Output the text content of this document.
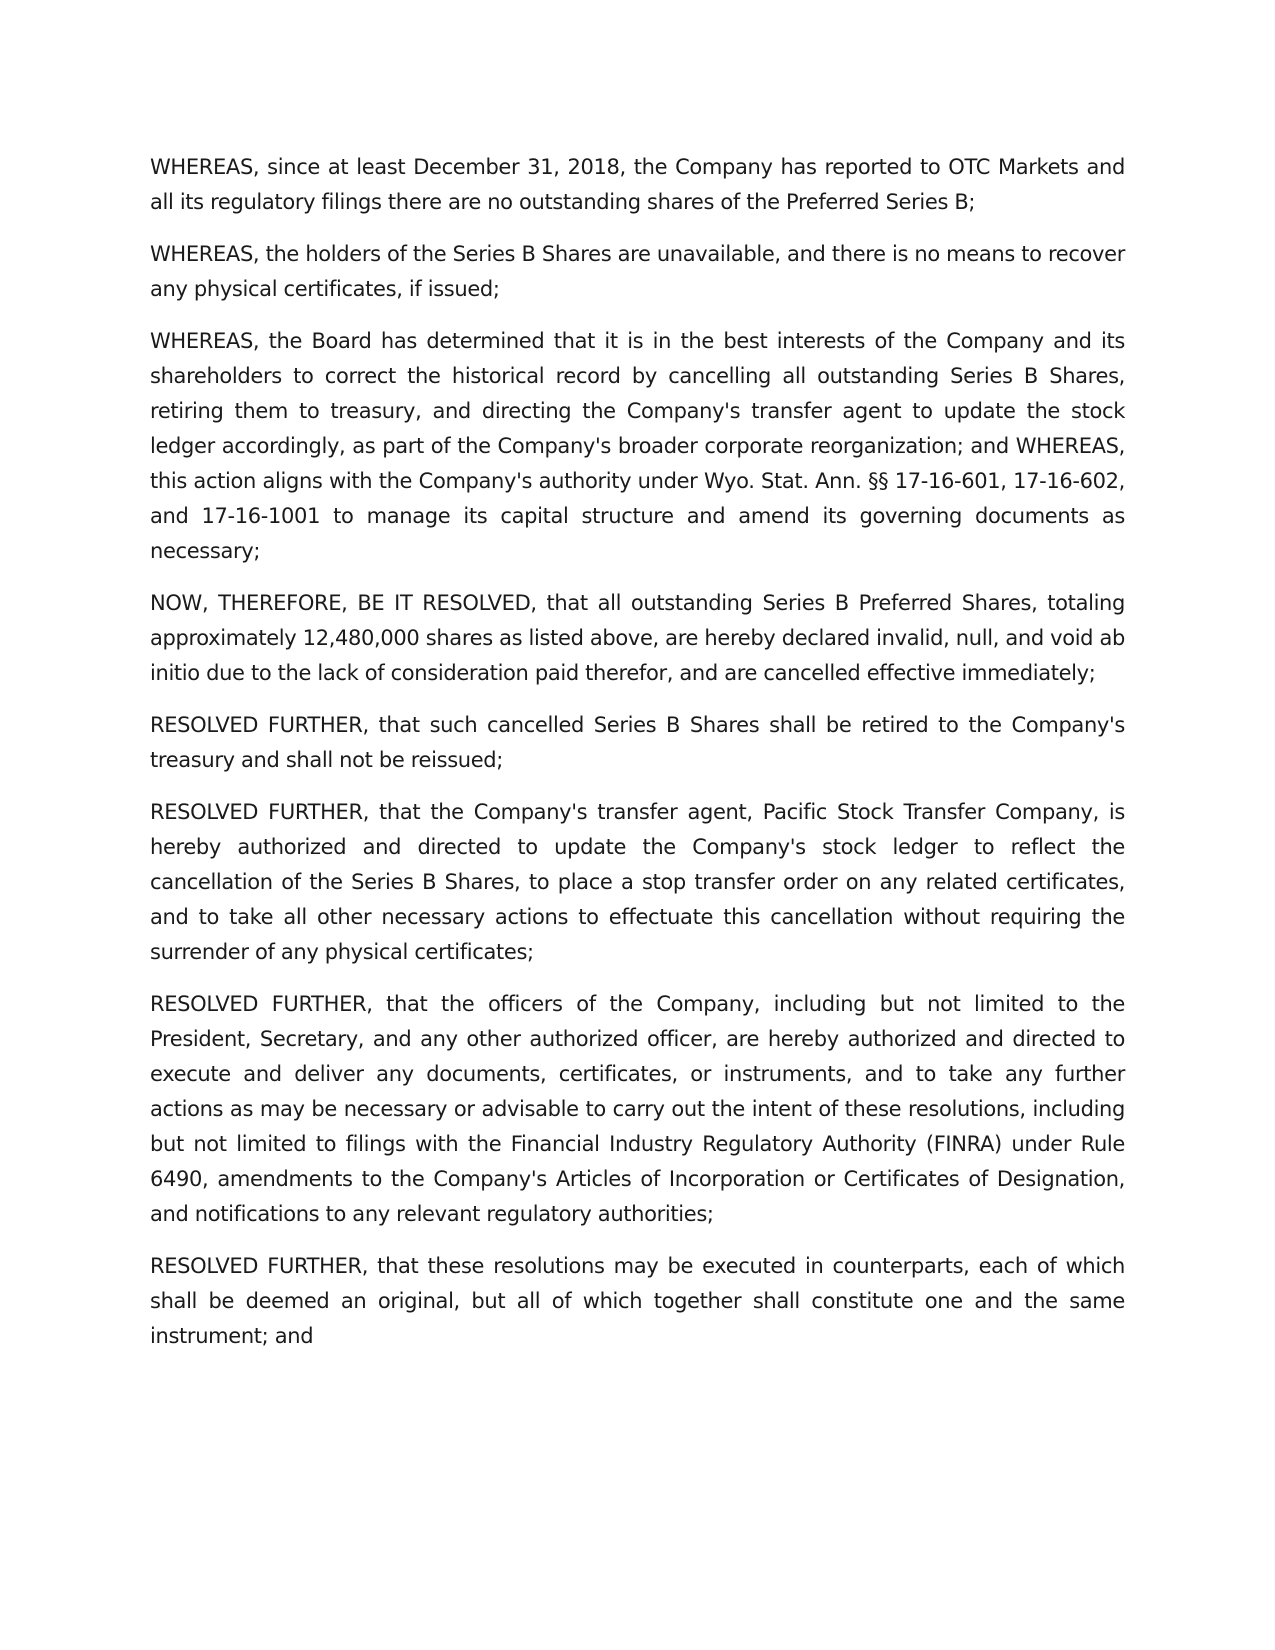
WHEREAS, since at least December 31, 2018, the Company has reported to OTC Markets and all its regulatory filings there are no outstanding shares of the Preferred Series B;

WHEREAS, the holders of the Series B Shares are unavailable, and there is no means to recover any physical certificates, if issued;

WHEREAS, the Board has determined that it is in the best interests of the Company and its shareholders to correct the historical record by cancelling all outstanding Series B Shares, retiring them to treasury, and directing the Company's transfer agent to update the stock ledger accordingly, as part of the Company's broader corporate reorganization; and WHEREAS, this action aligns with the Company's authority under Wyo. Stat. Ann. §§ 17-16-601, 17-16-602, and 17-16-1001 to manage its capital structure and amend its governing documents as necessary;

NOW, THEREFORE, BE IT RESOLVED, that all outstanding Series B Preferred Shares, totaling approximately 12,480,000 shares as listed above, are hereby declared invalid, null, and void ab initio due to the lack of consideration paid therefor, and are cancelled effective immediately;

RESOLVED FURTHER, that such cancelled Series B Shares shall be retired to the Company's treasury and shall not be reissued;

RESOLVED FURTHER, that the Company's transfer agent, Pacific Stock Transfer Company, is hereby authorized and directed to update the Company's stock ledger to reflect the cancellation of the Series B Shares, to place a stop transfer order on any related certificates, and to take all other necessary actions to effectuate this cancellation without requiring the surrender of any physical certificates;

RESOLVED FURTHER, that the officers of the Company, including but not limited to the President, Secretary, and any other authorized officer, are hereby authorized and directed to execute and deliver any documents, certificates, or instruments, and to take any further actions as may be necessary or advisable to carry out the intent of these resolutions, including but not limited to filings with the Financial Industry Regulatory Authority (FINRA) under Rule 6490, amendments to the Company's Articles of Incorporation or Certificates of Designation, and notifications to any relevant regulatory authorities;

RESOLVED FURTHER, that these resolutions may be executed in counterparts, each of which shall be deemed an original, but all of which together shall constitute one and the same instrument; and
